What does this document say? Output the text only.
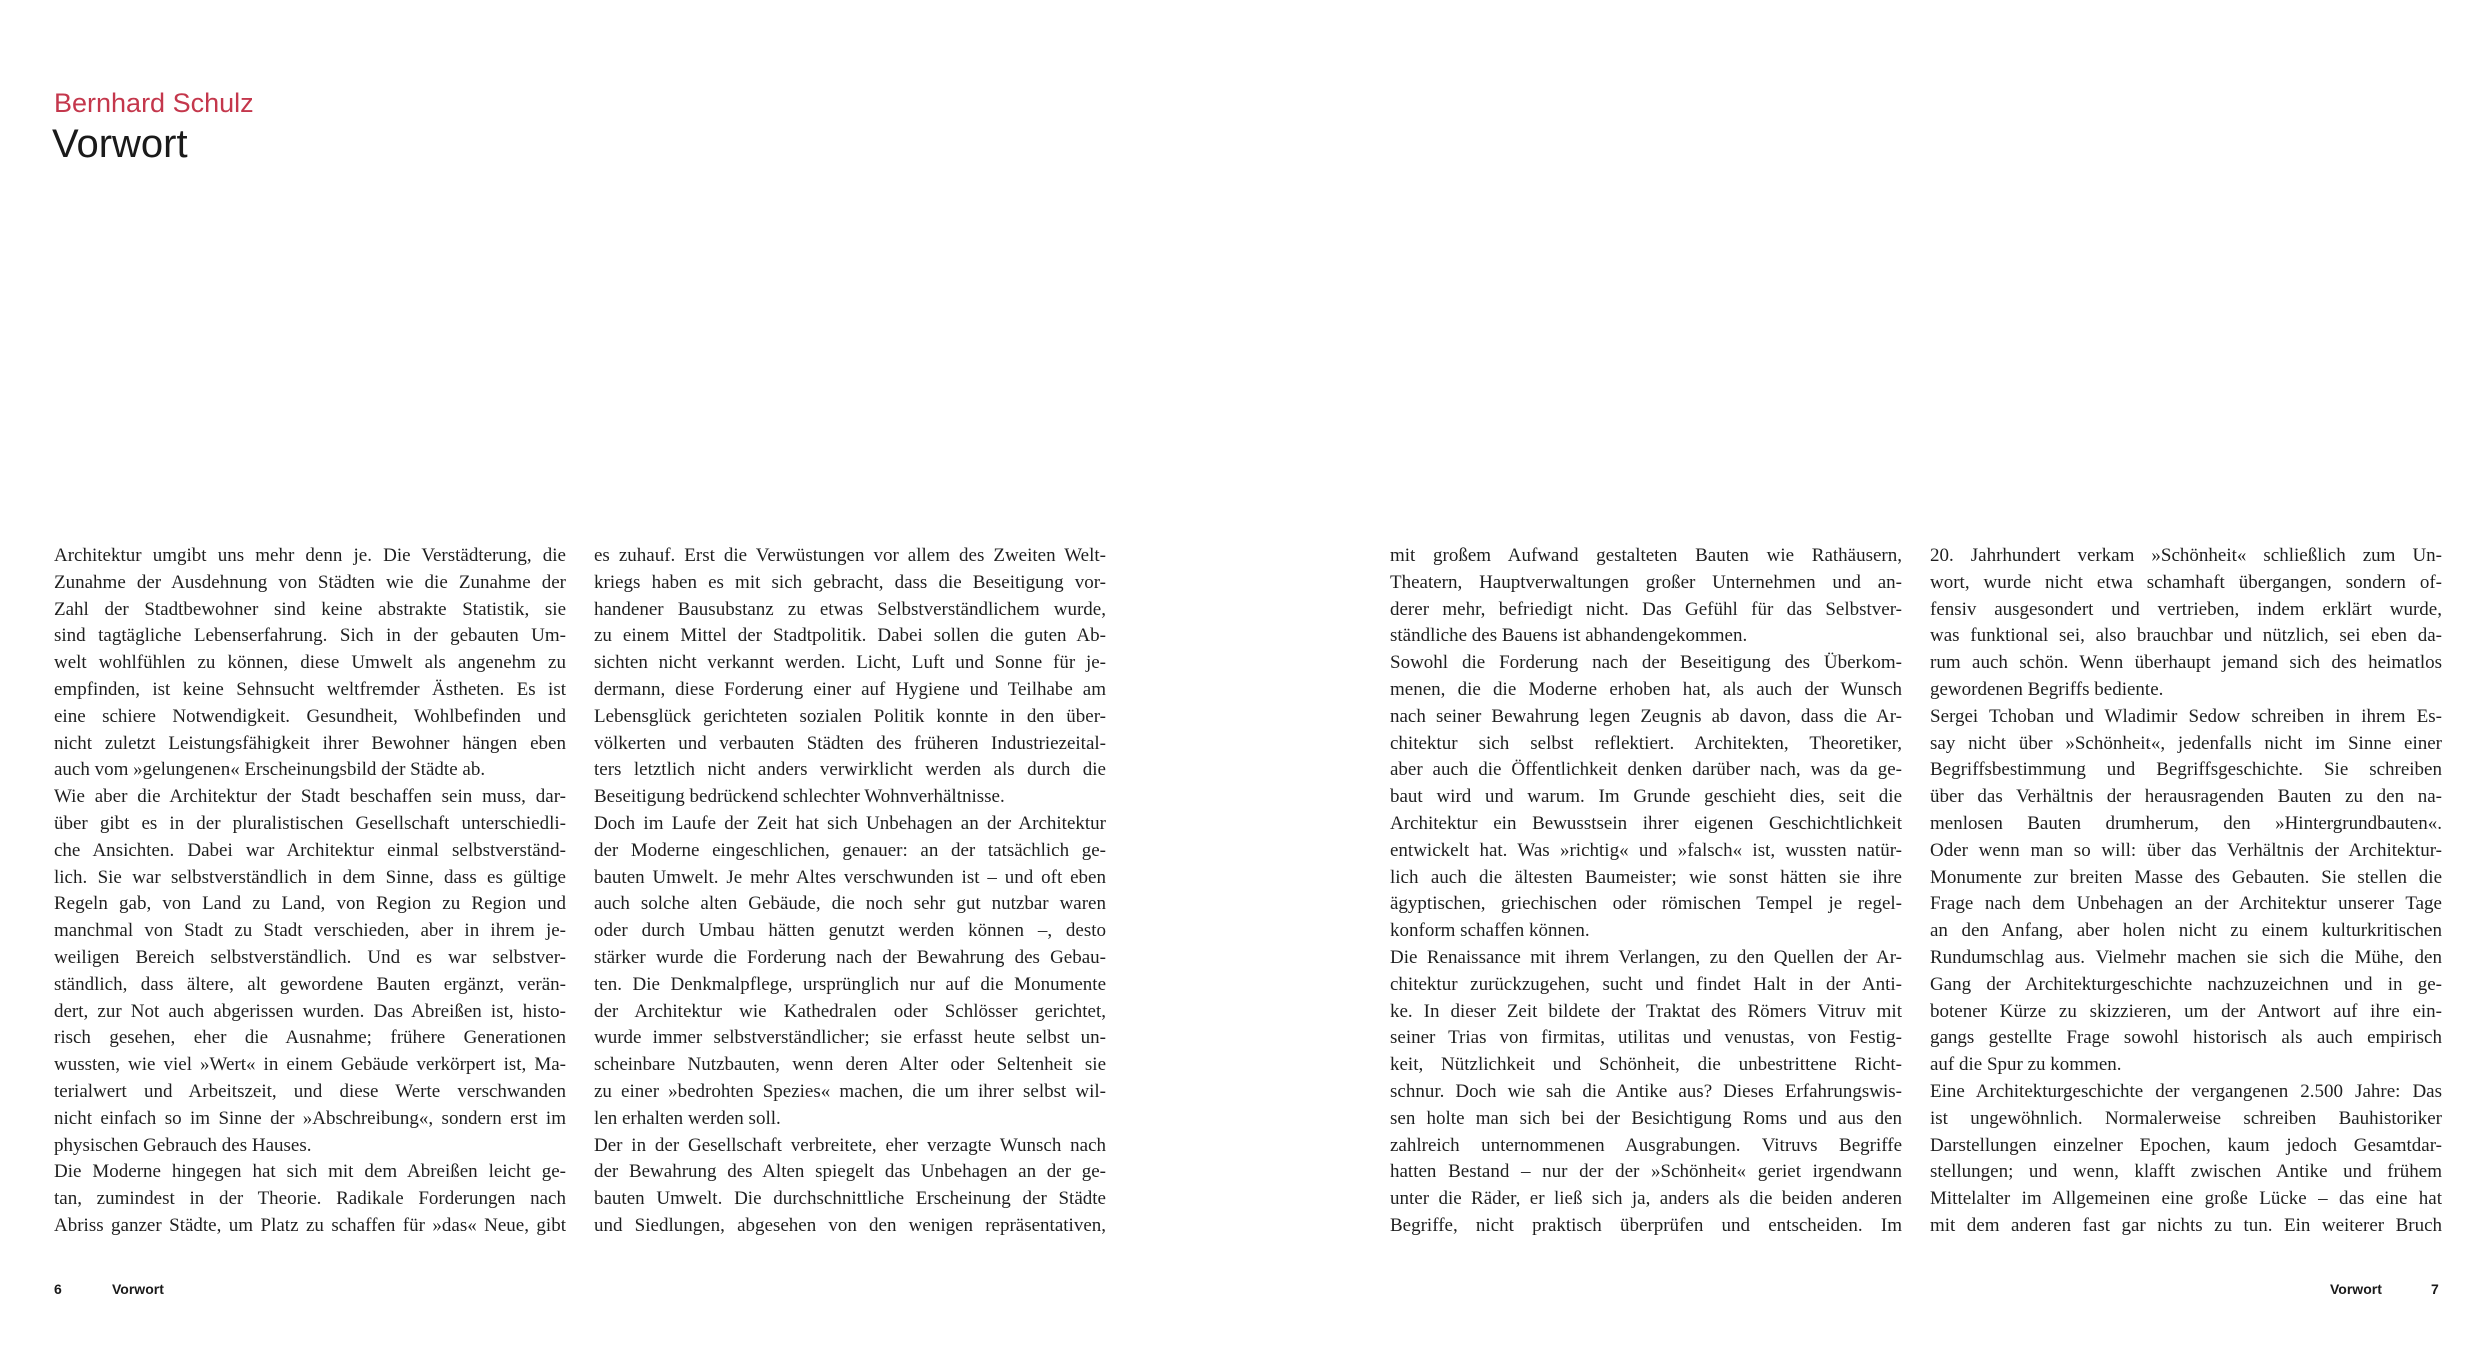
Bernhard Schulz
Vorwort
Architektur umgibt uns mehr denn je. Die Verstädterung, die
Zunahme der Ausdehnung von Städten wie die Zunahme der
Zahl der Stadtbewohner sind keine abstrakte Statistik, sie
sind tagtägliche Lebenserfahrung. Sich in der gebauten Um-
welt wohlfühlen zu können, diese Umwelt als angenehm zu
empfinden, ist keine Sehnsucht weltfremder Ästheten. Es ist
eine schiere Notwendigkeit. Gesundheit, Wohlbefinden und
nicht zuletzt Leistungsfähigkeit ihrer Bewohner hängen eben
auch vom »gelungenen« Erscheinungsbild der Städte ab.
Wie aber die Architektur der Stadt beschaffen sein muss, dar-
über gibt es in der pluralistischen Gesellschaft unterschiedli-
che Ansichten. Dabei war Architektur einmal selbstverständ-
lich. Sie war selbstverständlich in dem Sinne, dass es gültige
Regeln gab, von Land zu Land, von Region zu Region und
manchmal von Stadt zu Stadt verschieden, aber in ihrem je-
weiligen Bereich selbstverständlich. Und es war selbstver-
ständlich, dass ältere, alt gewordene Bauten ergänzt, verän-
dert, zur Not auch abgerissen wurden. Das Abreißen ist, histo-
risch gesehen, eher die Ausnahme; frühere Generationen
wussten, wie viel »Wert« in einem Gebäude verkörpert ist, Ma-
terialwert und Arbeitszeit, und diese Werte verschwanden
nicht einfach so im Sinne der »Abschreibung«, sondern erst im
physischen Gebrauch des Hauses.
Die Moderne hingegen hat sich mit dem Abreißen leicht ge-
tan, zumindest in der Theorie. Radikale Forderungen nach
Abriss ganzer Städte, um Platz zu schaffen für »das« Neue, gibt
es zuhauf. Erst die Verwüstungen vor allem des Zweiten Welt-
kriegs haben es mit sich gebracht, dass die Beseitigung vor-
handener Bausubstanz zu etwas Selbstverständlichem wurde,
zu einem Mittel der Stadtpolitik. Dabei sollen die guten Ab-
sichten nicht verkannt werden. Licht, Luft und Sonne für je-
dermann, diese Forderung einer auf Hygiene und Teilhabe am
Lebensglück gerichteten sozialen Politik konnte in den über-
völkerten und verbauten Städten des früheren Industriezeital-
ters letztlich nicht anders verwirklicht werden als durch die
Beseitigung bedrückend schlechter Wohnverhältnisse.
Doch im Laufe der Zeit hat sich Unbehagen an der Architektur
der Moderne eingeschlichen, genauer: an der tatsächlich ge-
bauten Umwelt. Je mehr Altes verschwunden ist – und oft eben
auch solche alten Gebäude, die noch sehr gut nutzbar waren
oder durch Umbau hätten genutzt werden können –, desto
stärker wurde die Forderung nach der Bewahrung des Gebau-
ten. Die Denkmalpflege, ursprünglich nur auf die Monumente
der Architektur wie Kathedralen oder Schlösser gerichtet,
wurde immer selbstverständlicher; sie erfasst heute selbst un-
scheinbare Nutzbauten, wenn deren Alter oder Seltenheit sie
zu einer »bedrohten Spezies« machen, die um ihrer selbst wil-
len erhalten werden soll.
Der in der Gesellschaft verbreitete, eher verzagte Wunsch nach
der Bewahrung des Alten spiegelt das Unbehagen an der ge-
bauten Umwelt. Die durchschnittliche Erscheinung der Städte
und Siedlungen, abgesehen von den wenigen repräsentativen,
mit großem Aufwand gestalteten Bauten wie Rathäusern,
Theatern, Hauptverwaltungen großer Unternehmen und an-
derer mehr, befriedigt nicht. Das Gefühl für das Selbstver-
ständliche des Bauens ist abhandengekommen.
Sowohl die Forderung nach der Beseitigung des Überkom-
menen, die die Moderne erhoben hat, als auch der Wunsch
nach seiner Bewahrung legen Zeugnis ab davon, dass die Ar-
chitektur sich selbst reflektiert. Architekten, Theoretiker,
aber auch die Öffentlichkeit denken darüber nach, was da ge-
baut wird und warum. Im Grunde geschieht dies, seit die
Architektur ein Bewusstsein ihrer eigenen Geschichtlichkeit
entwickelt hat. Was »richtig« und »falsch« ist, wussten natür-
lich auch die ältesten Baumeister; wie sonst hätten sie ihre
ägyptischen, griechischen oder römischen Tempel je regel-
konform schaffen können.
Die Renaissance mit ihrem Verlangen, zu den Quellen der Ar-
chitektur zurückzugehen, sucht und findet Halt in der Anti-
ke. In dieser Zeit bildete der Traktat des Römers Vitruv mit
seiner Trias von firmitas, utilitas und venustas, von Festig-
keit, Nützlichkeit und Schönheit, die unbestrittene Richt-
schnur. Doch wie sah die Antike aus? Dieses Erfahrungswis-
sen holte man sich bei der Besichtigung Roms und aus den
zahlreich unternommenen Ausgrabungen. Vitruvs Begriffe
hatten Bestand – nur der der »Schönheit« geriet irgendwann
unter die Räder, er ließ sich ja, anders als die beiden anderen
Begriffe, nicht praktisch überprüfen und entscheiden. Im
20. Jahrhundert verkam »Schönheit« schließlich zum Un-
wort, wurde nicht etwa schamhaft übergangen, sondern of-
fensiv ausgesondert und vertrieben, indem erklärt wurde,
was funktional sei, also brauchbar und nützlich, sei eben da-
rum auch schön. Wenn überhaupt jemand sich des heimatlos
gewordenen Begriffs bediente.
Sergei Tchoban und Wladimir Sedow schreiben in ihrem Es-
say nicht über »Schönheit«, jedenfalls nicht im Sinne einer
Begriffsbestimmung und Begriffsgeschichte. Sie schreiben
über das Verhältnis der herausragenden Bauten zu den na-
menlosen Bauten drumherum, den »Hintergrundbauten«.
Oder wenn man so will: über das Verhältnis der Architektur-
Monumente zur breiten Masse des Gebauten. Sie stellen die
Frage nach dem Unbehagen an der Architektur unserer Tage
an den Anfang, aber holen nicht zu einem kulturkritischen
Rundumschlag aus. Vielmehr machen sie sich die Mühe, den
Gang der Architekturgeschichte nachzuzeichnen und in ge-
botener Kürze zu skizzieren, um der Antwort auf ihre ein-
gangs gestellte Frage sowohl historisch als auch empirisch
auf die Spur zu kommen.
Eine Architekturgeschichte der vergangenen 2.500 Jahre: Das
ist ungewöhnlich. Normalerweise schreiben Bauhistoriker
Darstellungen einzelner Epochen, kaum jedoch Gesamtdar-
stellungen; und wenn, klafft zwischen Antike und frühem
Mittelalter im Allgemeinen eine große Lücke – das eine hat
mit dem anderen fast gar nichts zu tun. Ein weiterer Bruch
6	Vorwort	Vorwort	7
